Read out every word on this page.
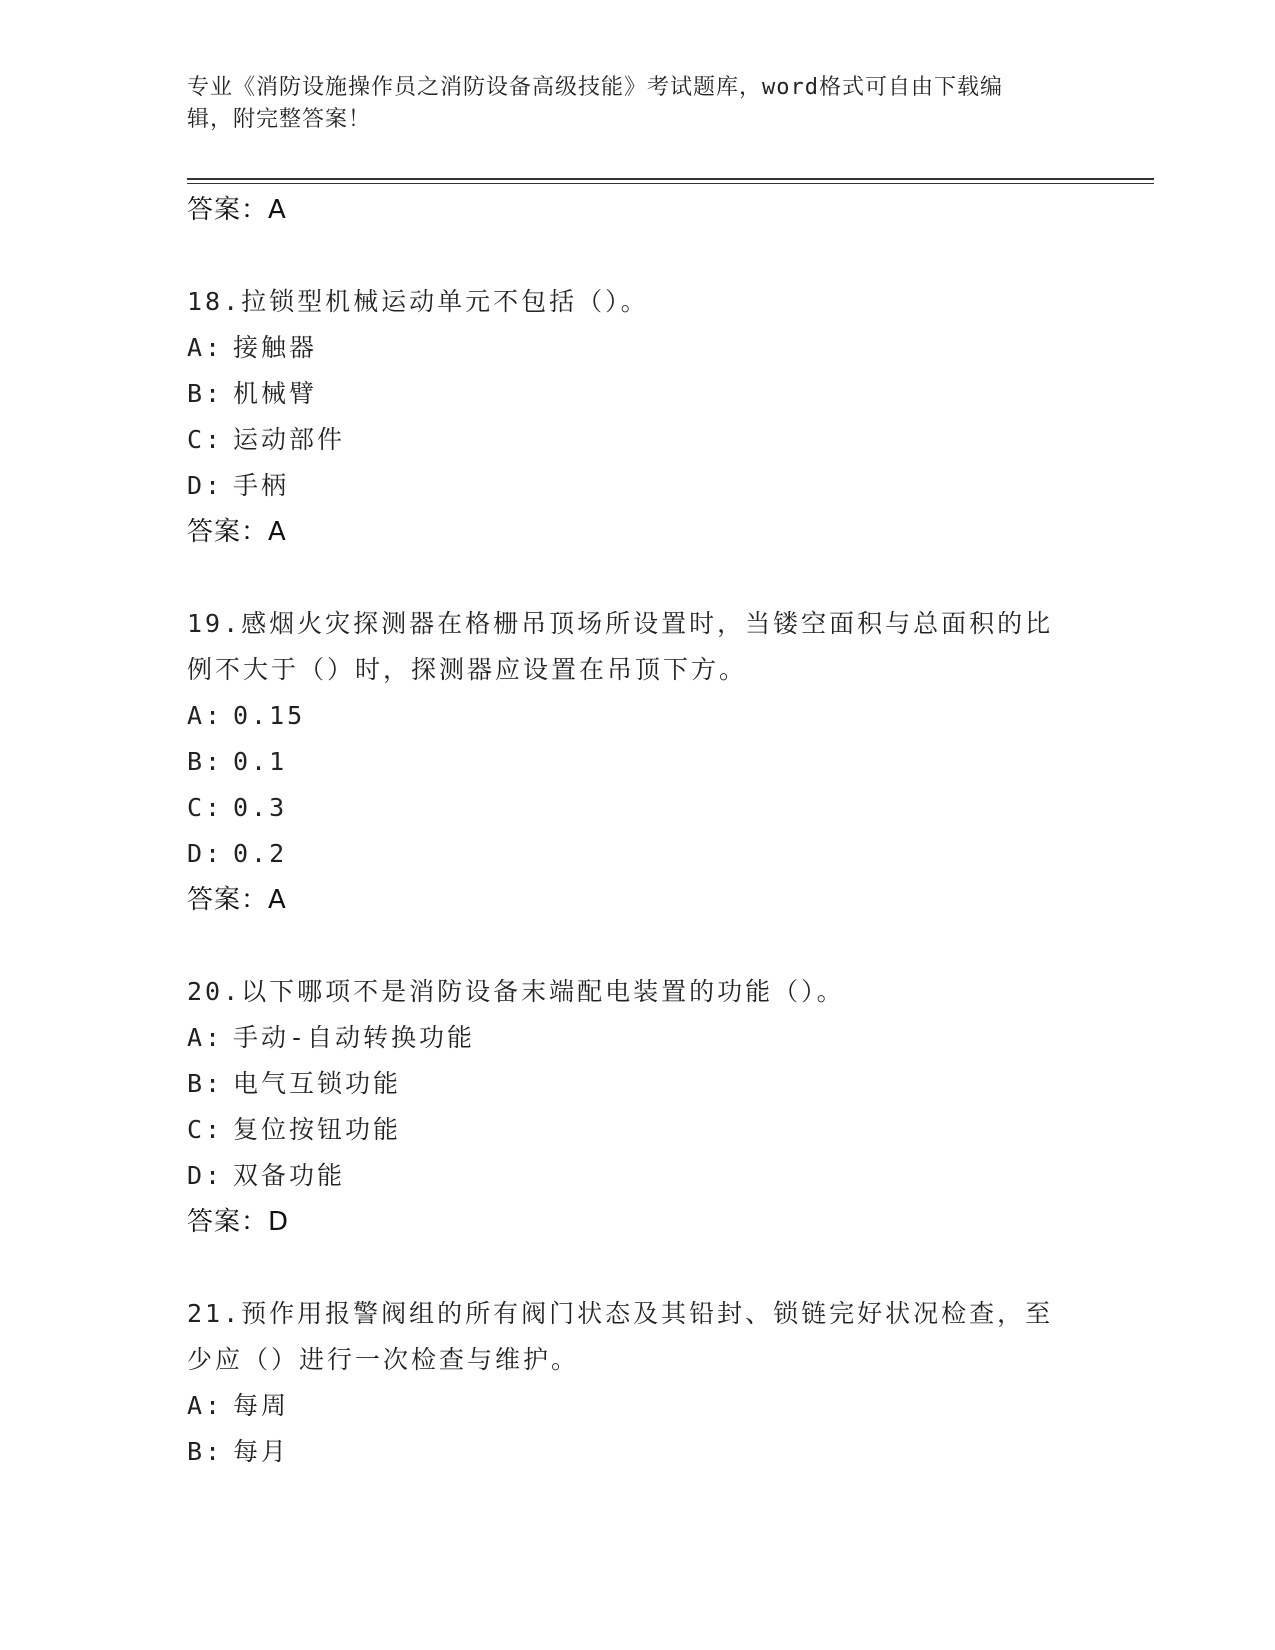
专业《消防设施操作员之消防设备高级技能》考试题库，word格式可自由下载编
辑，附完整答案！

答案：A

18.拉锁型机械运动单元不包括（）。

A: 接触器

B: 机械臂

C: 运动部件

D: 手柄

答案：A

19.感烟火灾探测器在格栅吊顶场所设置时，当镂空面积与总面积的比

例不大于（）时，探测器应设置在吊顶下方。

A: 0.15

B: 0.1

C: 0.3

D: 0.2

答案：A

20.以下哪项不是消防设备末端配电装置的功能（）。

A: 手动-自动转换功能

B: 电气互锁功能

C: 复位按钮功能

D: 双备功能

答案：D

21.预作用报警阀组的所有阀门状态及其铅封、锁链完好状况检查，至

少应（）进行一次检查与维护。

A: 每周

B: 每月
